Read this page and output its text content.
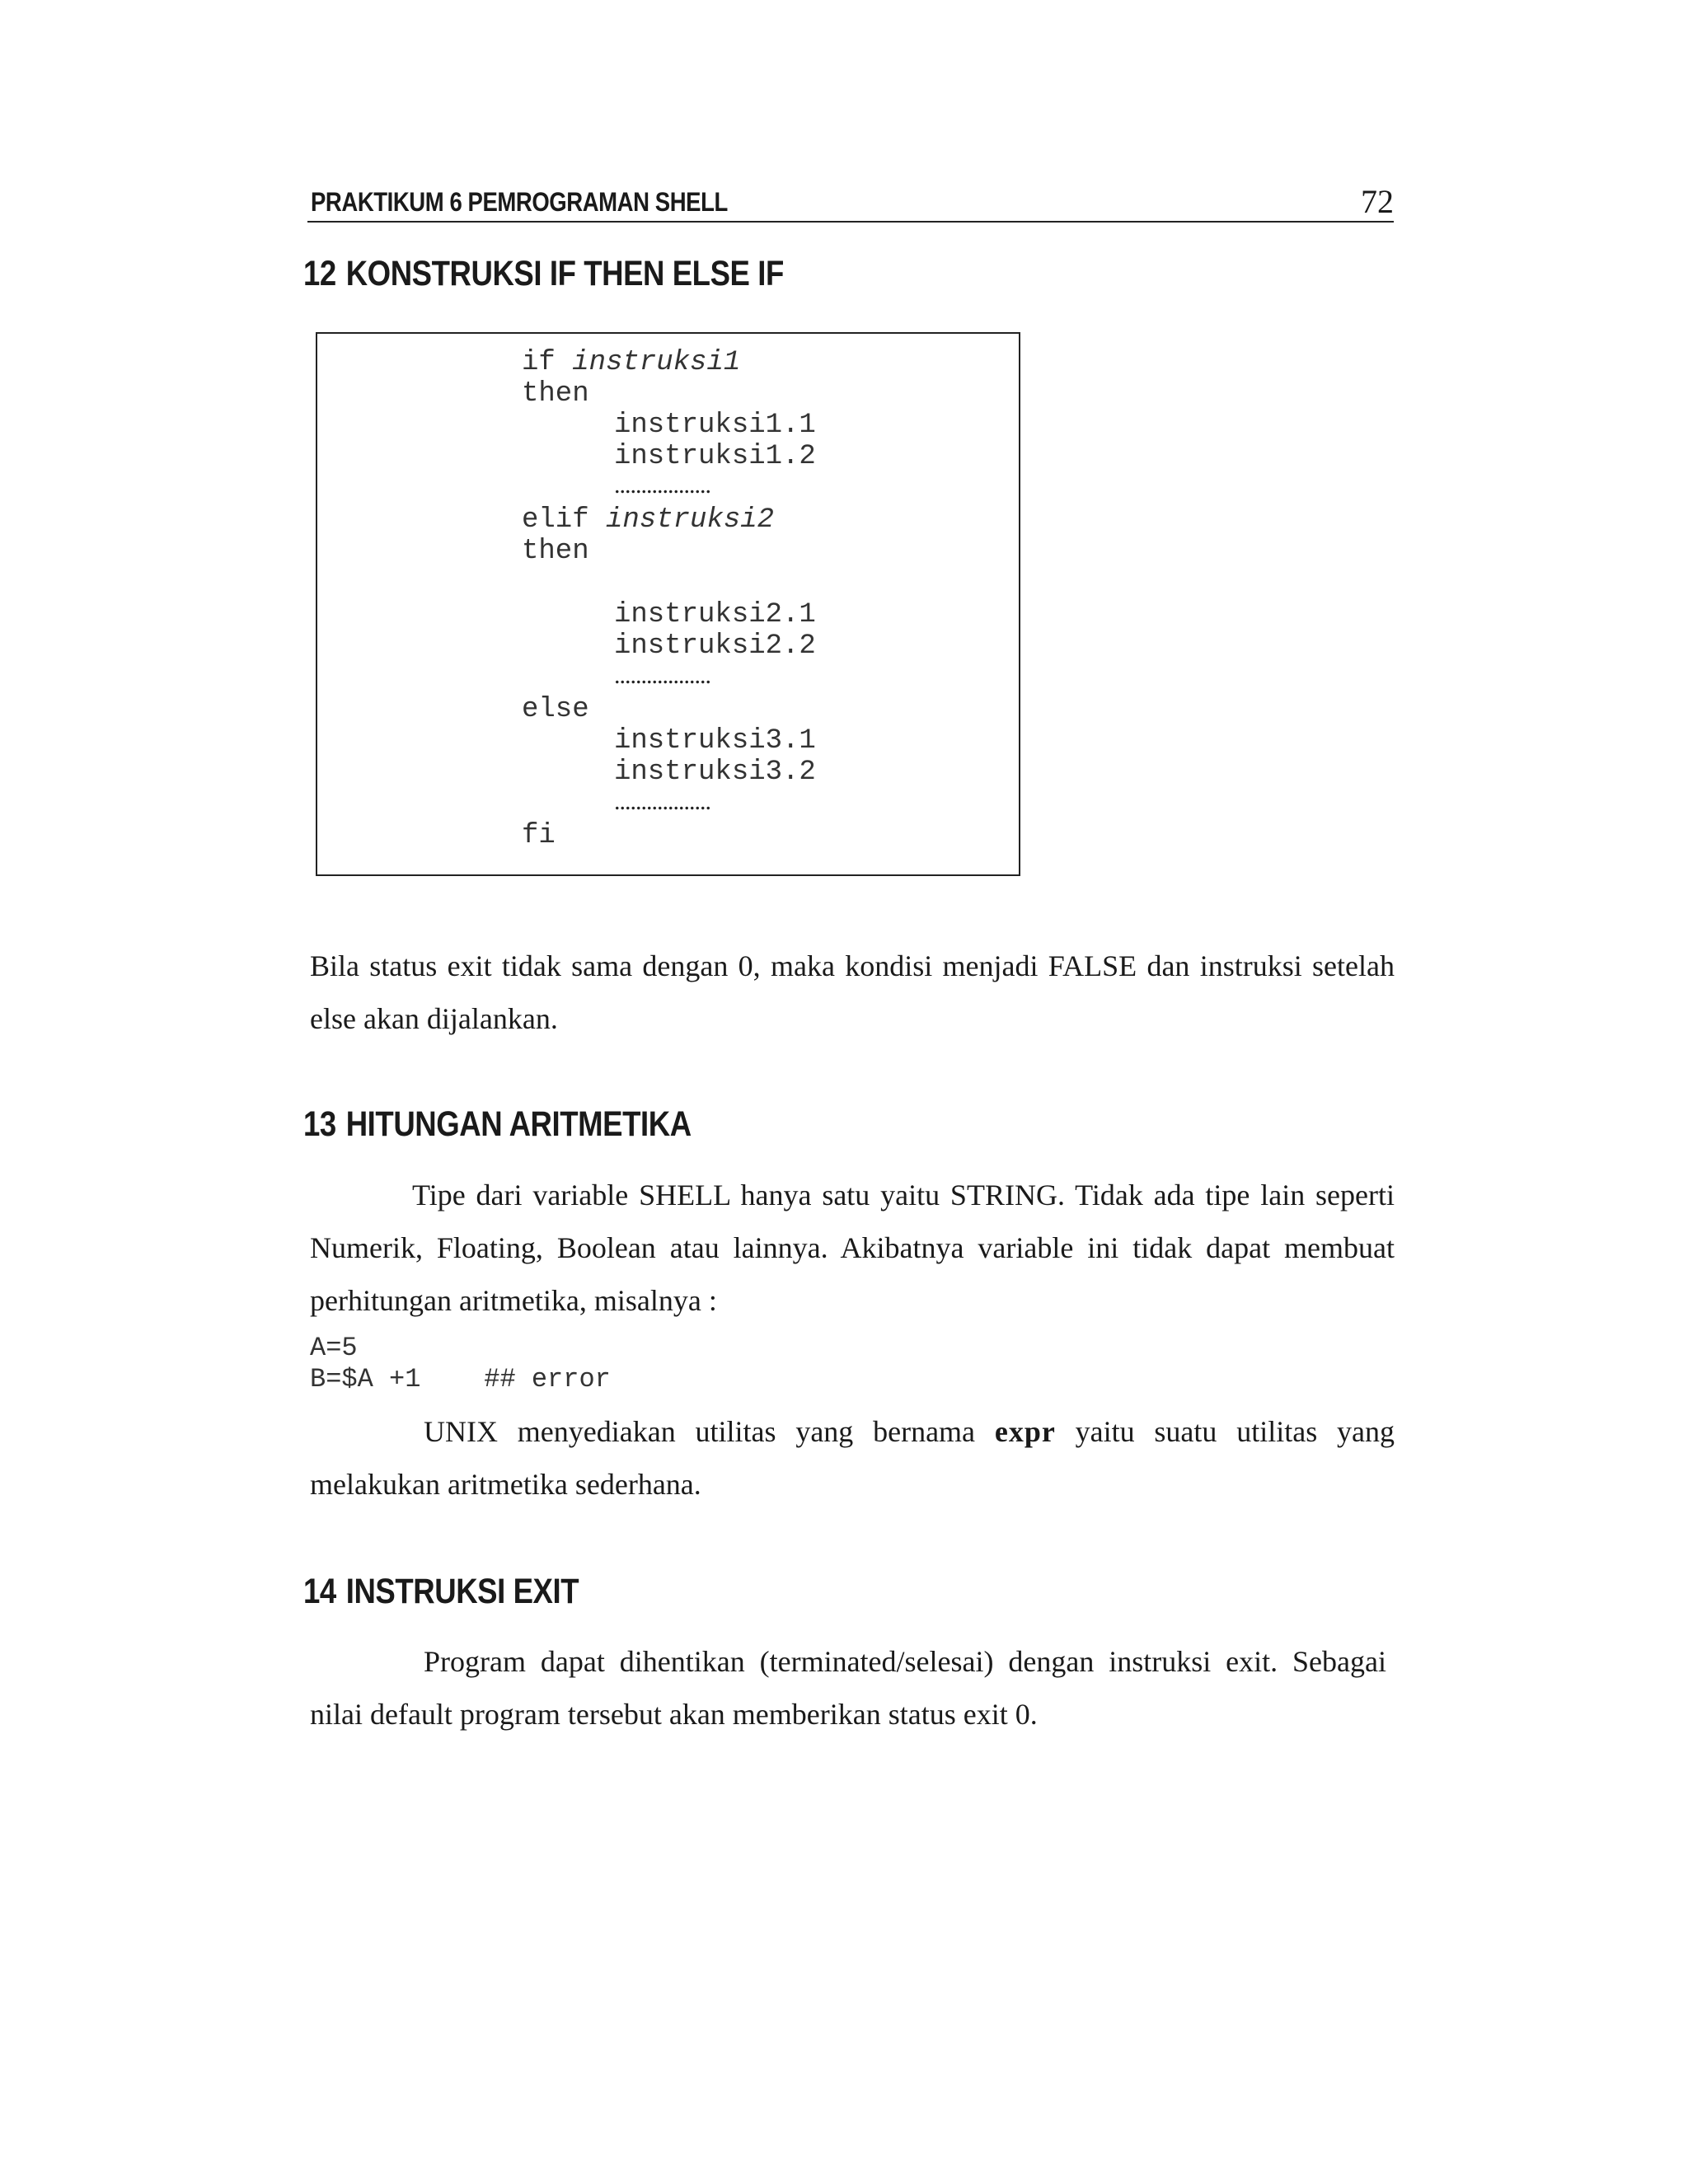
PRAKTIKUM 6 PEMROGRAMAN SHELL	72
12 KONSTRUKSI IF THEN ELSE IF
if instruksi1
then
instruksi1.1
instruksi1.2
..................
elif instruksi2
then
instruksi2.1
instruksi2.2
..................
else
instruksi3.1
instruksi3.2
..................
fi
Bila status exit tidak sama dengan 0, maka kondisi menjadi FALSE dan instruksi setelah else akan dijalankan.
13 HITUNGAN ARITMETIKA
Tipe dari variable SHELL hanya satu yaitu STRING. Tidak ada tipe lain seperti Numerik, Floating, Boolean atau lainnya. Akibatnya variable ini tidak dapat membuat perhitungan aritmetika, misalnya :
A=5
B=$A +1    ## error
UNIX menyediakan utilitas yang bernama expr yaitu suatu utilitas yang melakukan aritmetika sederhana.
14 INSTRUKSI EXIT
Program dapat dihentikan (terminated/selesai) dengan instruksi exit. Sebagai nilai default program tersebut akan memberikan status exit 0.
